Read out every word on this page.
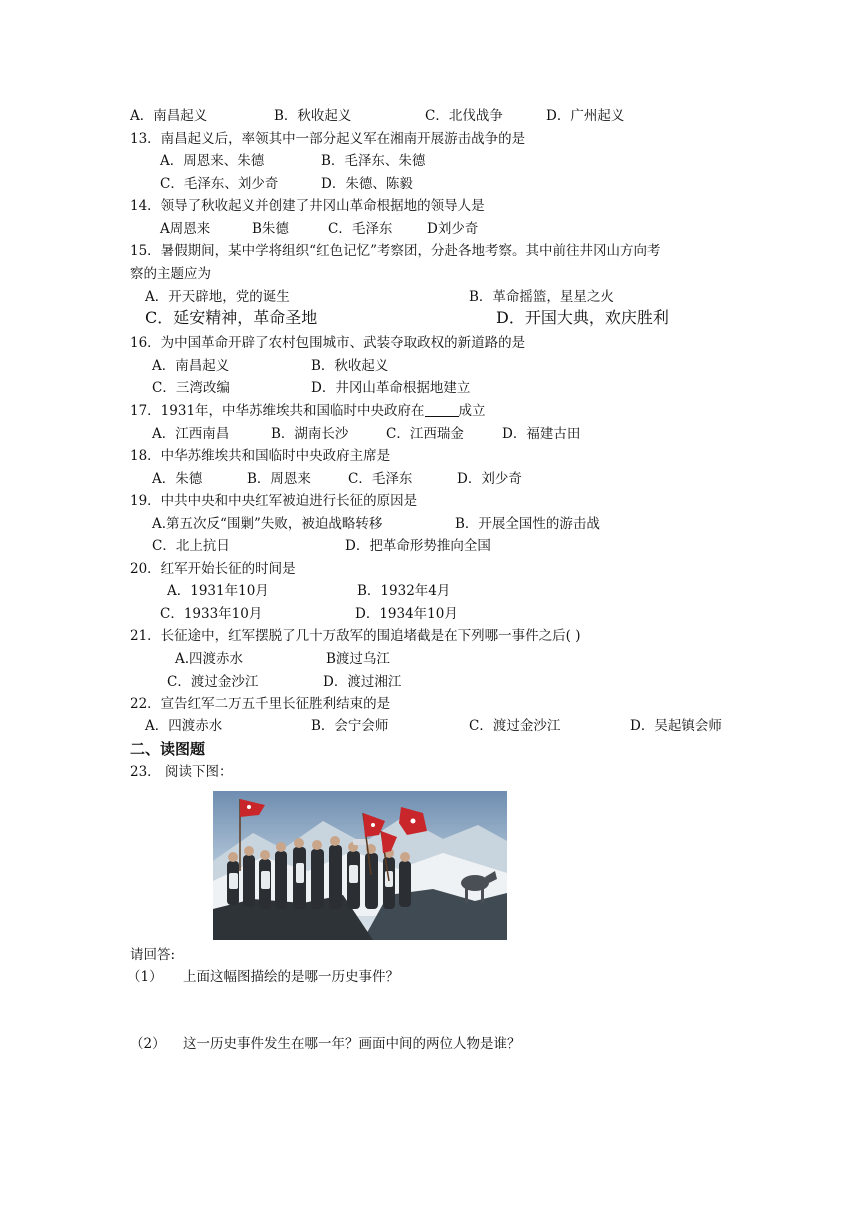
A．南昌起义	B．秋收起义	C．北伐战争	D．广州起义
13．南昌起义后，率领其中一部分起义军在湘南开展游击战争的是
A．周恩来、朱德	B．毛泽东、朱德
C．毛泽东、刘少奇	D．朱德、陈毅
14．领导了秋收起义并创建了井冈山革命根据地的领导人是
A周恩来	B朱德	C．毛泽东	D刘少奇
15．暑假期间，某中学将组织“红色记忆”考察团，分赴各地考察。其中前往井冈山方向考
察的主题应为
A．开天辟地，党的诞生	B．革命摇篮，星星之火
C．延安精神，革命圣地	D．开国大典，欢庆胜利
16．为中国革命开辟了农村包围城市、武装夺取政权的新道路的是
A．南昌起义	B．秋收起义
C．三湾改编	D．井冈山革命根据地建立
17．1931年，中华苏维埃共和国临时中央政府在	成立
A．江西南昌	B．湖南长沙	C．江西瑞金	D．福建古田
18．中华苏维埃共和国临时中央政府主席是
A．朱德	B．周恩来	C．毛泽东	D．刘少奇
19．中共中央和中央红军被迫进行长征的原因是
A.第五次反“围剿”失败，被迫战略转移	B．开展全国性的游击战
C．北上抗日	D．把革命形势推向全国
20．红军开始长征的时间是
A．1931年10月	B．1932年4月
C．1933年10月	D．1934年10月
21．长征途中，红军摆脱了几十万敌军的围追堵截是在下列哪一事件之后( )
A.四渡赤水	B渡过乌江
C．渡过金沙江	D．渡过湘江
22．宣告红军二万五千里长征胜利结束的是
A．四渡赤水	B．会宁会师	C．渡过金沙江	D．吴起镇会师
二、读图题
23． 阅读下图：
请回答:
（1） 上面这幅图描绘的是哪一历史事件？
（2） 这一历史事件发生在哪一年？画面中间的两位人物是谁？
